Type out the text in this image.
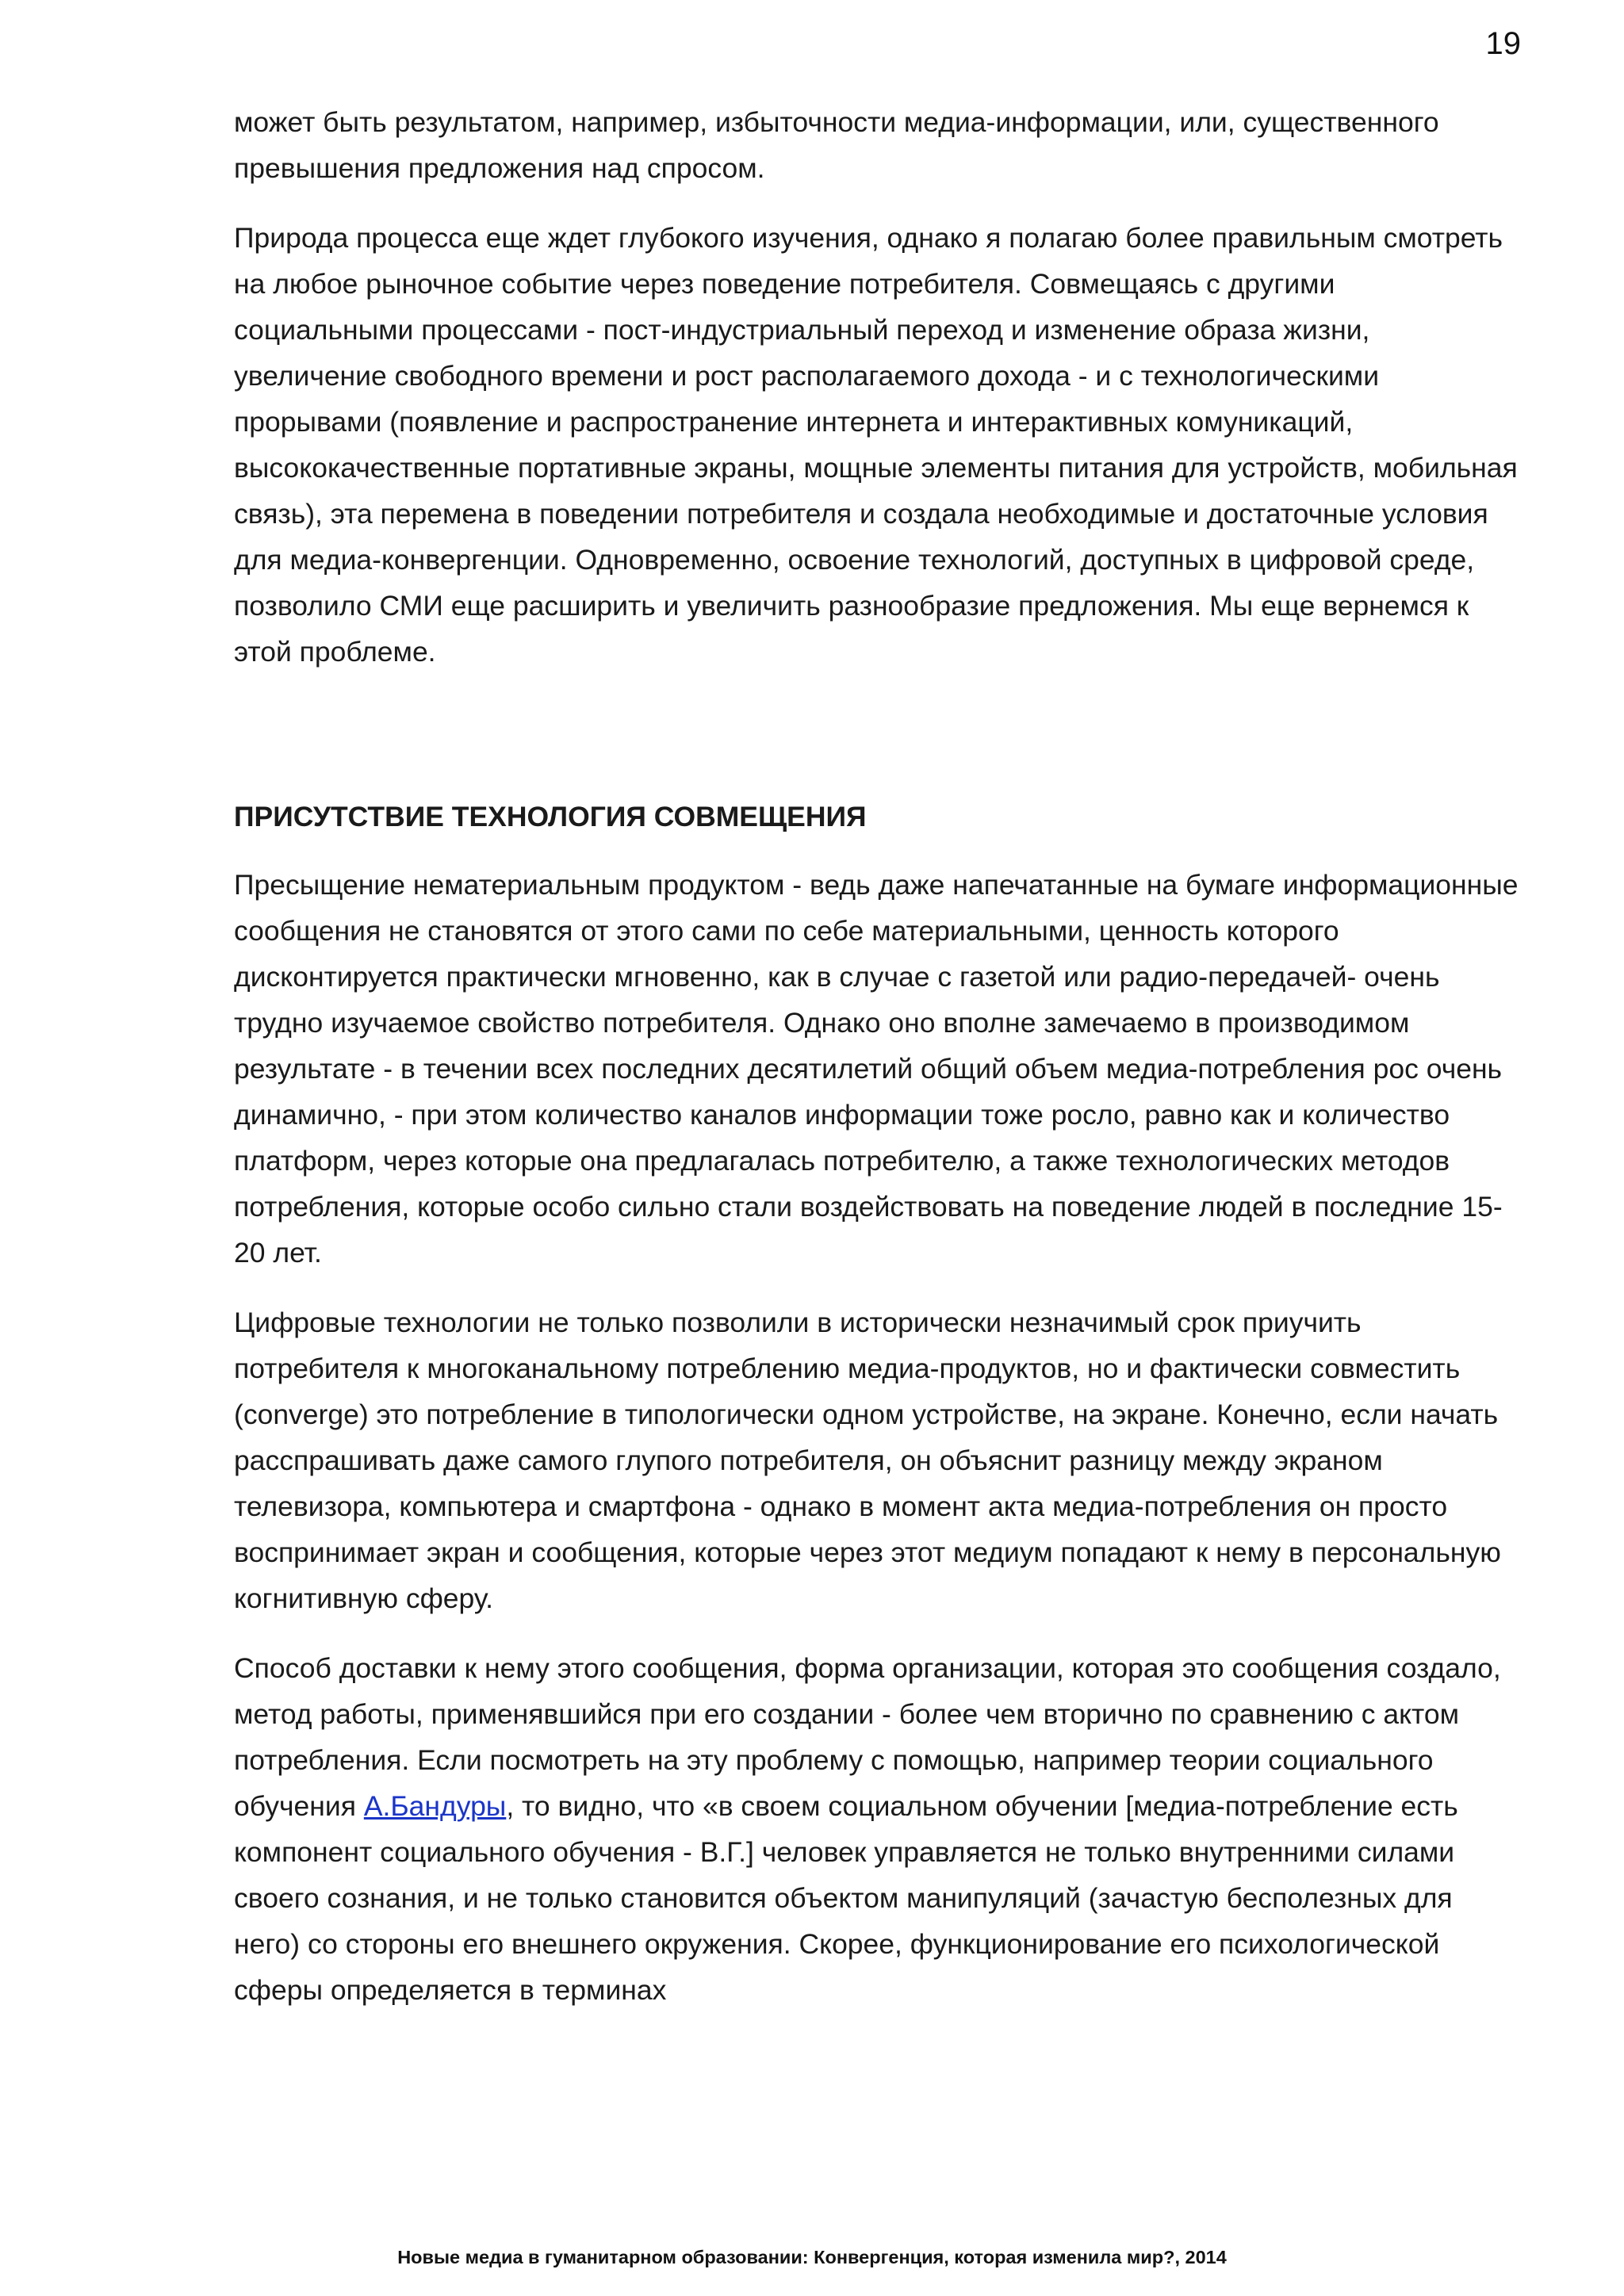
19

может быть результатом, например, избыточности медиа-информации, или, существенного превышения предложения над спросом.

Природа процесса еще ждет глубокого изучения, однако я полагаю более правильным смотреть на любое рыночное событие через поведение потребителя. Совмещаясь с другими социальными процессами - пост-индустриальный переход и изменение образа жизни, увеличение свободного времени и рост располагаемого дохода - и с технологическими прорывами (появление и распространение интернета и интерактивных комуникаций, высококачественные портативные экраны, мощные элементы питания для устройств, мобильная связь), эта перемена в поведении потребителя и создала необходимые и достаточные условия для медиа-конвергенции. Одновременно, освоение технологий, доступных в цифровой среде, позволило СМИ еще расширить и увеличить разнообразие предложения. Мы еще вернемся к этой проблеме.

ПРИСУТСТВИЕ ТЕХНОЛОГИЯ СОВМЕЩЕНИЯ

Пресыщение нематериальным продуктом - ведь даже напечатанные на бумаге информационные сообщения не становятся от этого сами по себе материальными, ценность которого дисконтируется практически мгновенно, как в случае с газетой или радио-передачей- очень трудно изучаемое свойство потребителя. Однако оно вполне замечаемо в производимом результате - в течении всех последних десятилетий общий объем медиа-потребления рос очень динамично, - при этом количество каналов информации тоже росло, равно как и количество платформ, через которые она предлагалась потребителю, а также технологических методов потребления, которые особо сильно стали воздействовать на поведение людей в последние 15-20 лет.

Цифровые технологии не только позволили в исторически незначимый срок приучить потребителя к многоканальному потреблению медиа-продуктов, но и фактически совместить (converge) это потребление в типологически одном устройстве, на экране. Конечно, если начать расспрашивать даже самого глупого потребителя, он объяснит разницу между экраном телевизора, компьютера и смартфона - однако в момент акта медиа-потребления он просто воспринимает экран и сообщения, которые через этот медиум попадают к нему в персональную когнитивную сферу.

Способ доставки к нему этого сообщения, форма организации, которая это сообщения создало, метод работы, применявшийся при его создании - более чем вторично по сравнению с актом потребления. Если посмотреть на эту проблему с помощью, например теории социального обучения А.Бандуры, то видно, что «в своем социальном обучении [медиа-потребление есть компонент социального обучения - В.Г.] человек управляется не только внутренними силами своего сознания, и не только становится объектом манипуляций (зачастую бесполезных для него) со стороны его внешнего окружения. Скорее, функционирование его психологической сферы определяется в терминах

Новые медиа в гуманитарном образовании: Конвергенция, которая изменила мир?, 2014
